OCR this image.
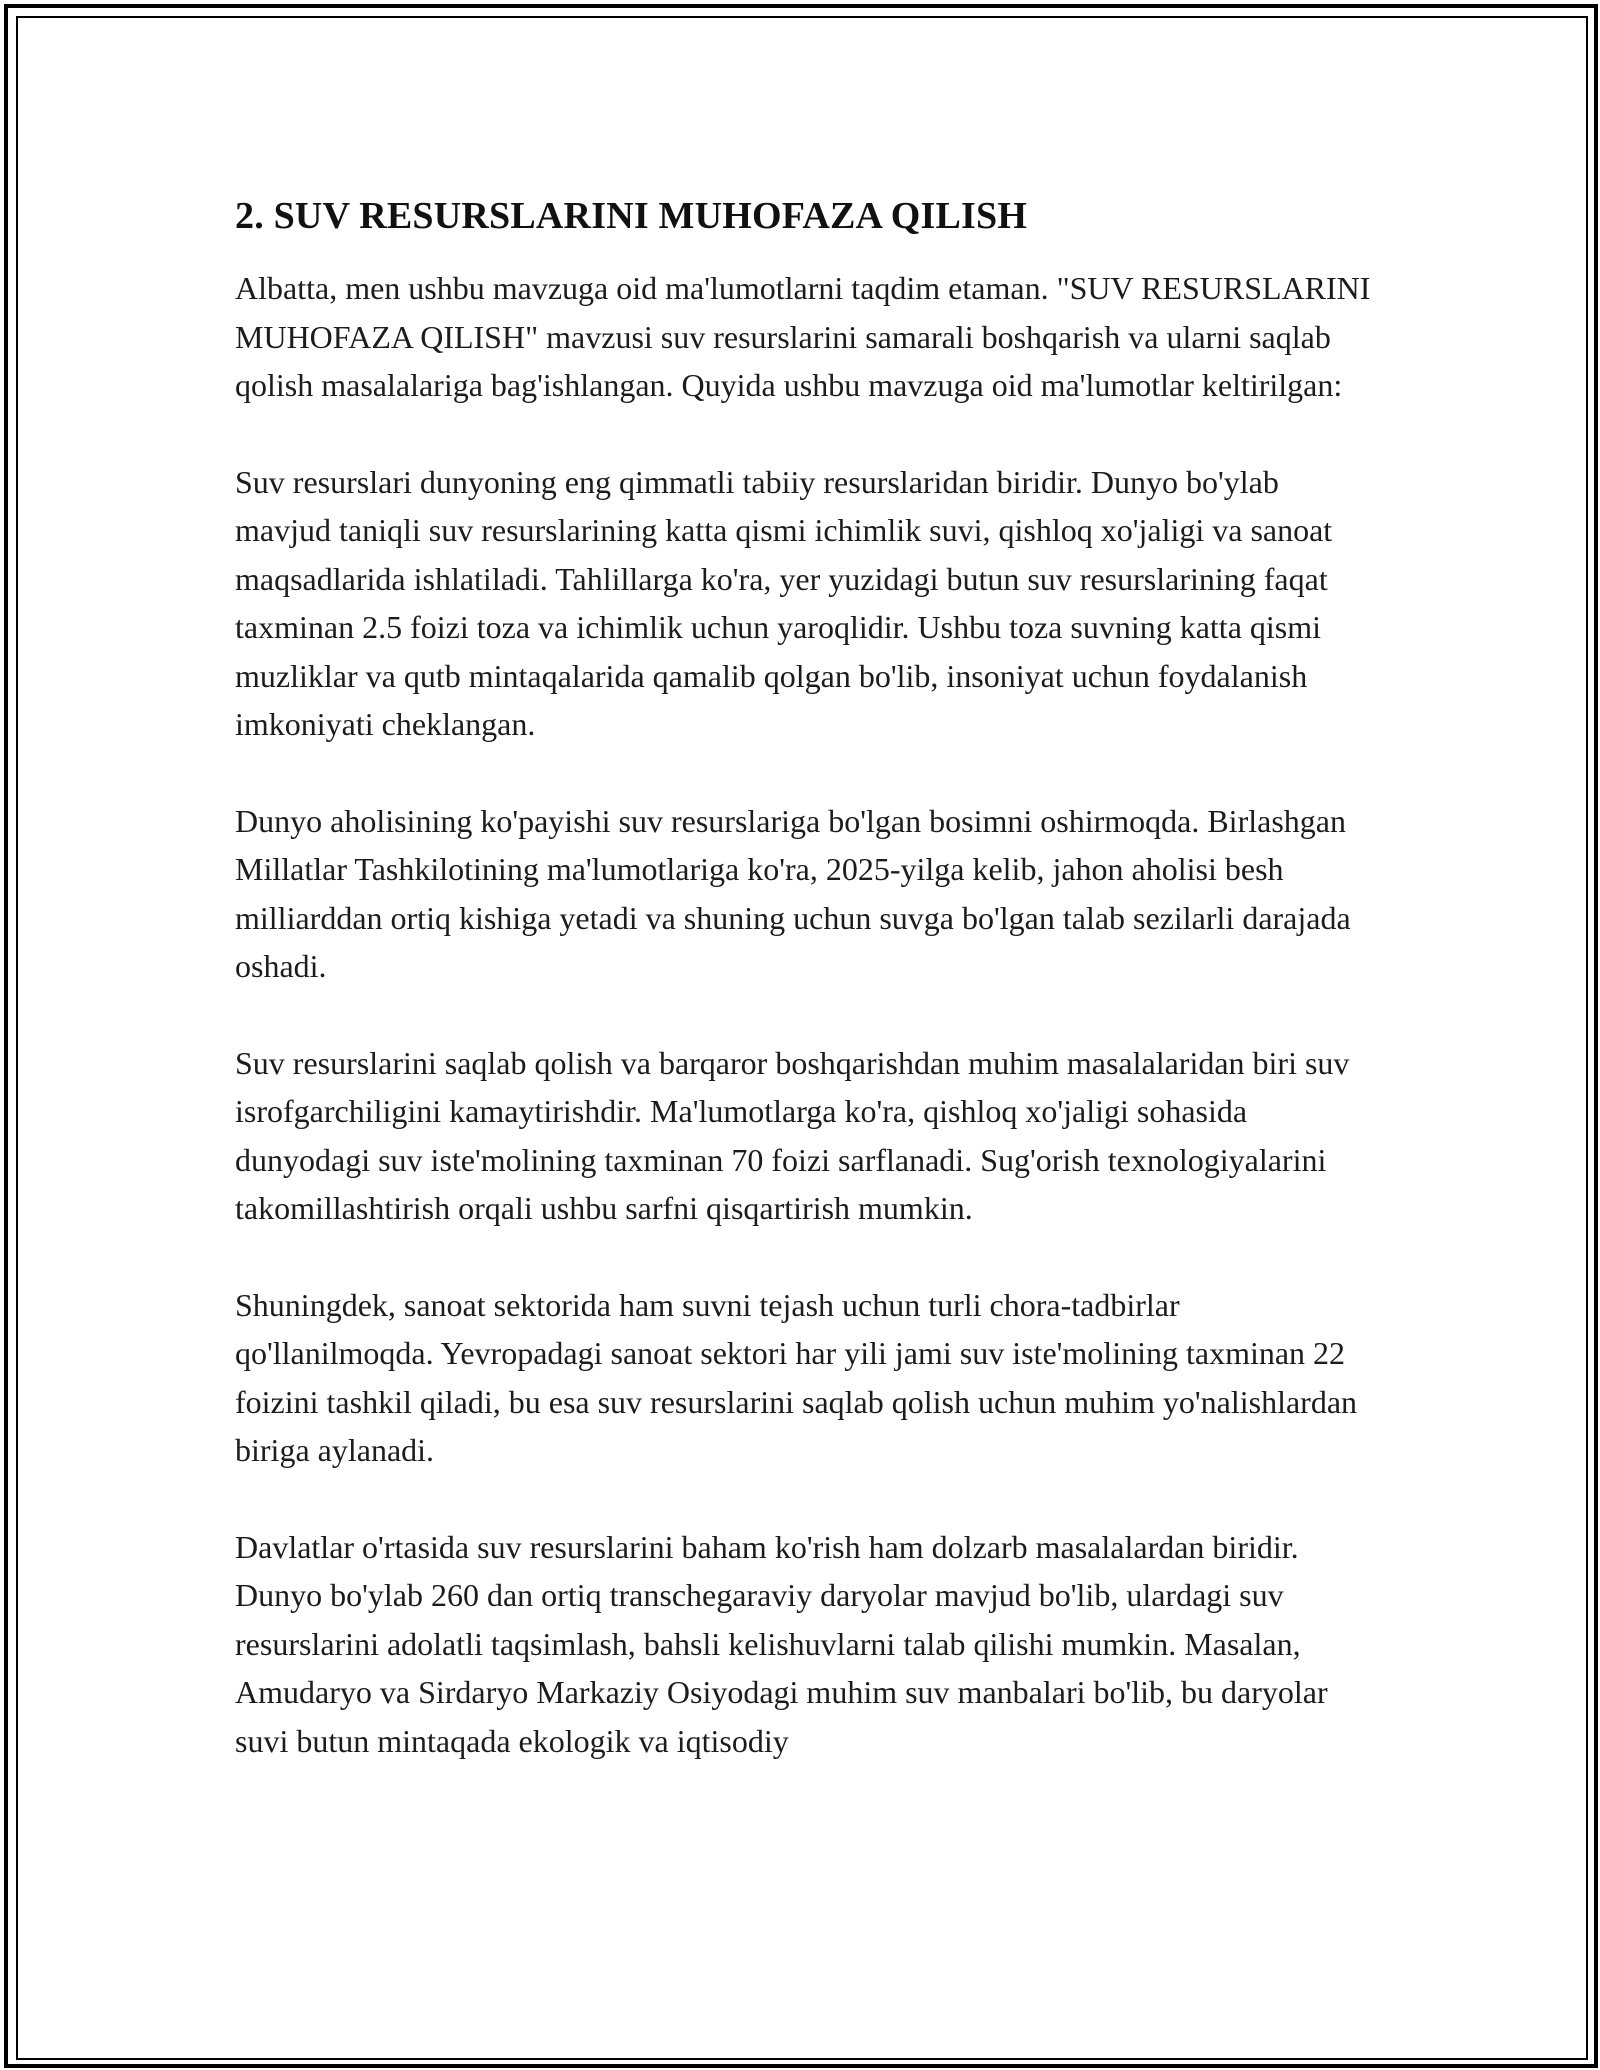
2. SUV RESURSLARINI MUHOFAZA QILISH

Albatta, men ushbu mavzuga oid ma'lumotlarni taqdim etaman. "SUV RESURSLARINI MUHOFAZA QILISH" mavzusi suv resurslarini samarali boshqarish va ularni saqlab qolish masalalariga bag'ishlangan. Quyida ushbu mavzuga oid ma'lumotlar keltirilgan:

Suv resurslari dunyoning eng qimmatli tabiiy resurslaridan biridir. Dunyo bo'ylab mavjud taniqli suv resurslarining katta qismi ichimlik suvi, qishloq xo'jaligi va sanoat maqsadlarida ishlatiladi. Tahlillarga ko'ra, yer yuzidagi butun suv resurslarining faqat taxminan 2.5 foizi toza va ichimlik uchun yaroqlidir. Ushbu toza suvning katta qismi muzliklar va qutb mintaqalarida qamalib qolgan bo'lib, insoniyat uchun foydalanish imkoniyati cheklangan.

Dunyo aholisining ko'payishi suv resurslariga bo'lgan bosimni oshirmoqda. Birlashgan Millatlar Tashkilotining ma'lumotlariga ko'ra, 2025-yilga kelib, jahon aholisi besh milliarddan ortiq kishiga yetadi va shuning uchun suvga bo'lgan talab sezilarli darajada oshadi.

Suv resurslarini saqlab qolish va barqaror boshqarishdan muhim masalalaridan biri suv isrofgarchiligini kamaytirishdir. Ma'lumotlarga ko'ra, qishloq xo'jaligi sohasida dunyodagi suv iste'molining taxminan 70 foizi sarflanadi. Sug'orish texnologiyalarini takomillashtirish orqali ushbu sarfni qisqartirish mumkin.

Shuningdek, sanoat sektorida ham suvni tejash uchun turli chora-tadbirlar qo'llanilmoqda. Yevropadagi sanoat sektori har yili jami suv iste'molining taxminan 22 foizini tashkil qiladi, bu esa suv resurslarini saqlab qolish uchun muhim yo'nalishlardan biriga aylanadi.

Davlatlar o'rtasida suv resurslarini baham ko'rish ham dolzarb masalalardan biridir. Dunyo bo'ylab 260 dan ortiq transchegaraviy daryolar mavjud bo'lib, ulardagi suv resurslarini adolatli taqsimlash, bahsli kelishuvlarni talab qilishi mumkin. Masalan, Amudaryo va Sirdaryo Markaziy Osiyodagi muhim suv manbalari bo'lib, bu daryolar suvi butun mintaqada ekologik va iqtisodiy
